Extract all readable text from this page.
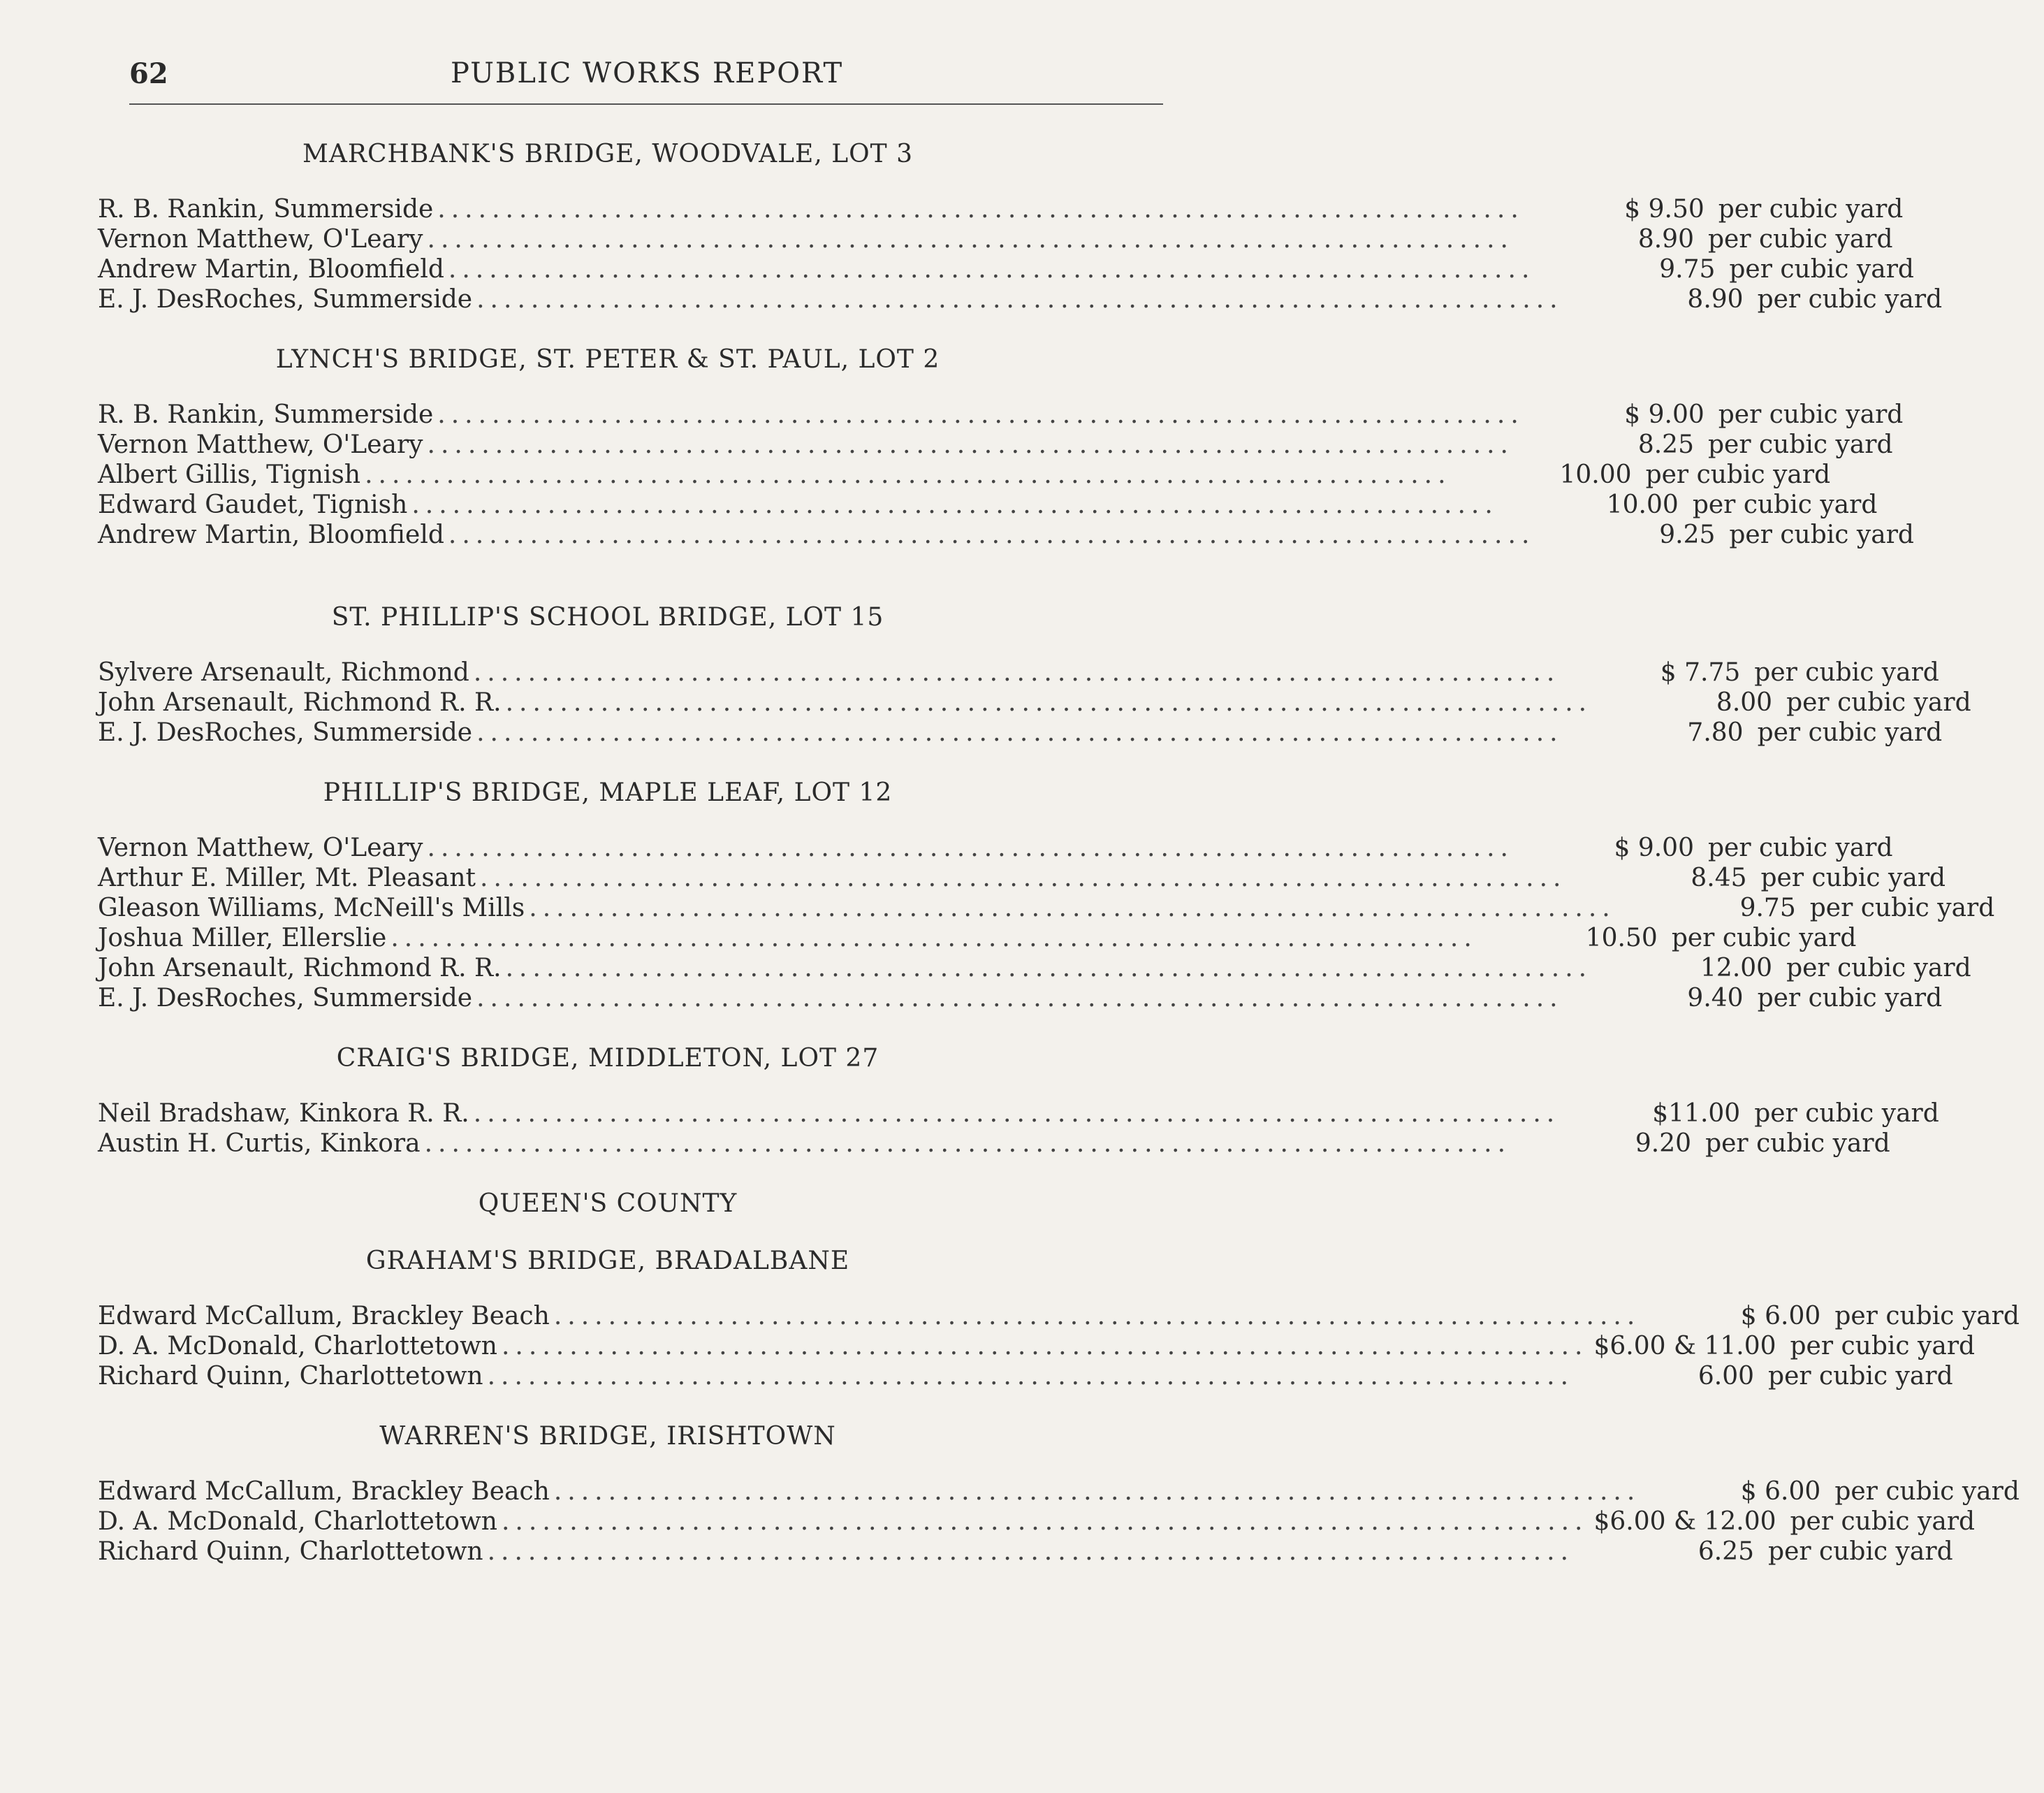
62	PUBLIC WORKS REPORT
MARCHBANK'S BRIDGE, WOODVALE, LOT 3
R. B. Rankin, Summerside ................................................................................	$ 9.50 per cubic yard
Vernon Matthew, O'Leary ................................................................................	8.90 per cubic yard
Andrew Martin, Bloomfield ................................................................................	9.75 per cubic yard
E. J. DesRoches, Summerside ................................................................................	8.90 per cubic yard
LYNCH'S BRIDGE, ST. PETER & ST. PAUL, LOT 2
R. B. Rankin, Summerside ................................................................................	$ 9.00 per cubic yard
Vernon Matthew, O'Leary ................................................................................	8.25 per cubic yard
Albert Gillis, Tignish ................................................................................	10.00 per cubic yard
Edward Gaudet, Tignish ................................................................................	10.00 per cubic yard
Andrew Martin, Bloomfield ................................................................................	9.25 per cubic yard
ST. PHILLIP'S SCHOOL BRIDGE, LOT 15
Sylvere Arsenault, Richmond ................................................................................	$ 7.75 per cubic yard
John Arsenault, Richmond R. R. ................................................................................	8.00 per cubic yard
E. J. DesRoches, Summerside ................................................................................	7.80 per cubic yard
PHILLIP'S BRIDGE, MAPLE LEAF, LOT 12
Vernon Matthew, O'Leary ................................................................................	$ 9.00 per cubic yard
Arthur E. Miller, Mt. Pleasant ................................................................................	8.45 per cubic yard
Gleason Williams, McNeill's Mills ................................................................................	9.75 per cubic yard
Joshua Miller, Ellerslie ................................................................................	10.50 per cubic yard
John Arsenault, Richmond R. R. ................................................................................	12.00 per cubic yard
E. J. DesRoches, Summerside ................................................................................	9.40 per cubic yard
CRAIG'S BRIDGE, MIDDLETON, LOT 27
Neil Bradshaw, Kinkora R. R. ................................................................................	$11.00 per cubic yard
Austin H. Curtis, Kinkora ................................................................................	9.20 per cubic yard
QUEEN'S COUNTY
GRAHAM'S BRIDGE, BRADALBANE
Edward McCallum, Brackley Beach ................................................................................	$ 6.00 per cubic yard
D. A. McDonald, Charlottetown ................................................................................ $6.00 & 11.00 per cubic yard
Richard Quinn, Charlottetown ................................................................................	6.00 per cubic yard
WARREN'S BRIDGE, IRISHTOWN
Edward McCallum, Brackley Beach ................................................................................	$ 6.00 per cubic yard
D. A. McDonald, Charlottetown ................................................................................ $6.00 & 12.00 per cubic yard
Richard Quinn, Charlottetown ................................................................................	6.25 per cubic yard
